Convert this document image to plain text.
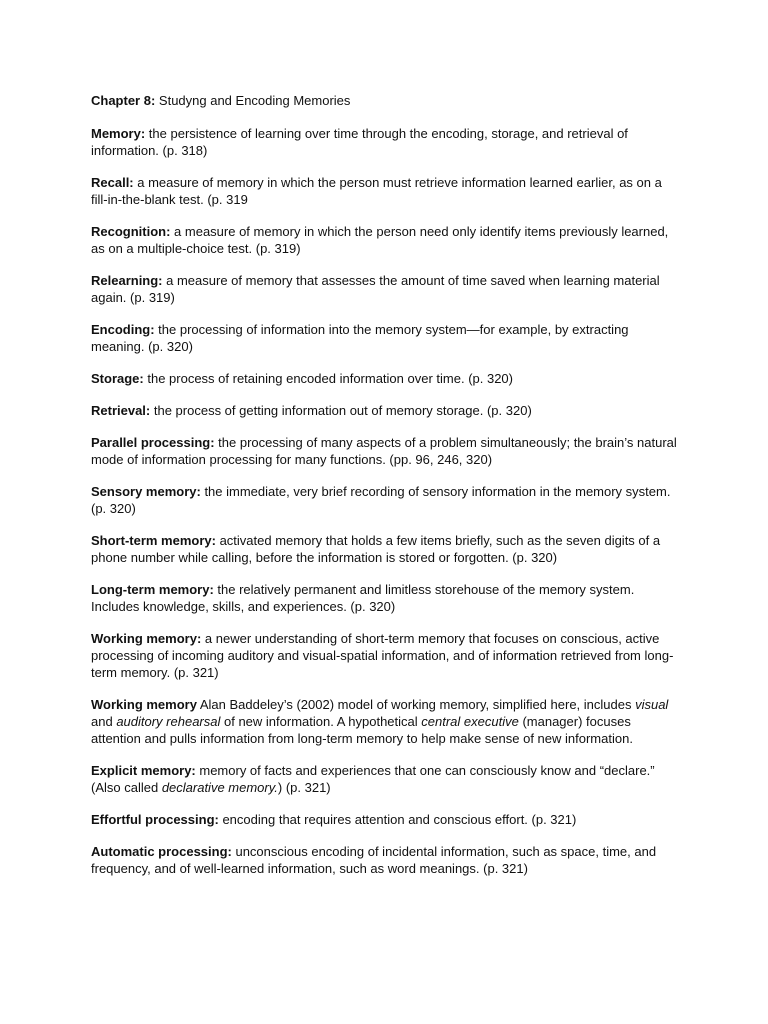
Chapter 8: Studyng and Encoding Memories

Memory: the persistence of learning over time through the encoding, storage, and retrieval of information. (p. 318)

Recall: a measure of memory in which the person must retrieve information learned earlier, as on a fill-in-the-blank test. (p. 319

Recognition: a measure of memory in which the person need only identify items previously learned, as on a multiple-choice test. (p. 319)

Relearning: a measure of memory that assesses the amount of time saved when learning material again. (p. 319)

Encoding: the processing of information into the memory system—for example, by extracting meaning. (p. 320)

Storage: the process of retaining encoded information over time. (p. 320)

Retrieval: the process of getting information out of memory storage. (p. 320)

Parallel processing: the processing of many aspects of a problem simultaneously; the brain’s natural mode of information processing for many functions. (pp. 96, 246, 320)

Sensory memory: the immediate, very brief recording of sensory information in the memory system. (p. 320)

Short-term memory: activated memory that holds a few items briefly, such as the seven digits of a phone number while calling, before the information is stored or forgotten. (p. 320)

Long-term memory: the relatively permanent and limitless storehouse of the memory system. Includes knowledge, skills, and experiences. (p. 320)

Working memory: a newer understanding of short-term memory that focuses on conscious, active processing of incoming auditory and visual-spatial information, and of information retrieved from long-term memory. (p. 321)

Working memory Alan Baddeley’s (2002) model of working memory, simplified here, includes visual and auditory rehearsal of new information. A hypothetical central executive (manager) focuses attention and pulls information from long-term memory to help make sense of new information.

Explicit memory: memory of facts and experiences that one can consciously know and “declare.” (Also called declarative memory.) (p. 321)

Effortful processing: encoding that requires attention and conscious effort. (p. 321)

Automatic processing: unconscious encoding of incidental information, such as space, time, and frequency, and of well-learned information, such as word meanings. (p. 321)
